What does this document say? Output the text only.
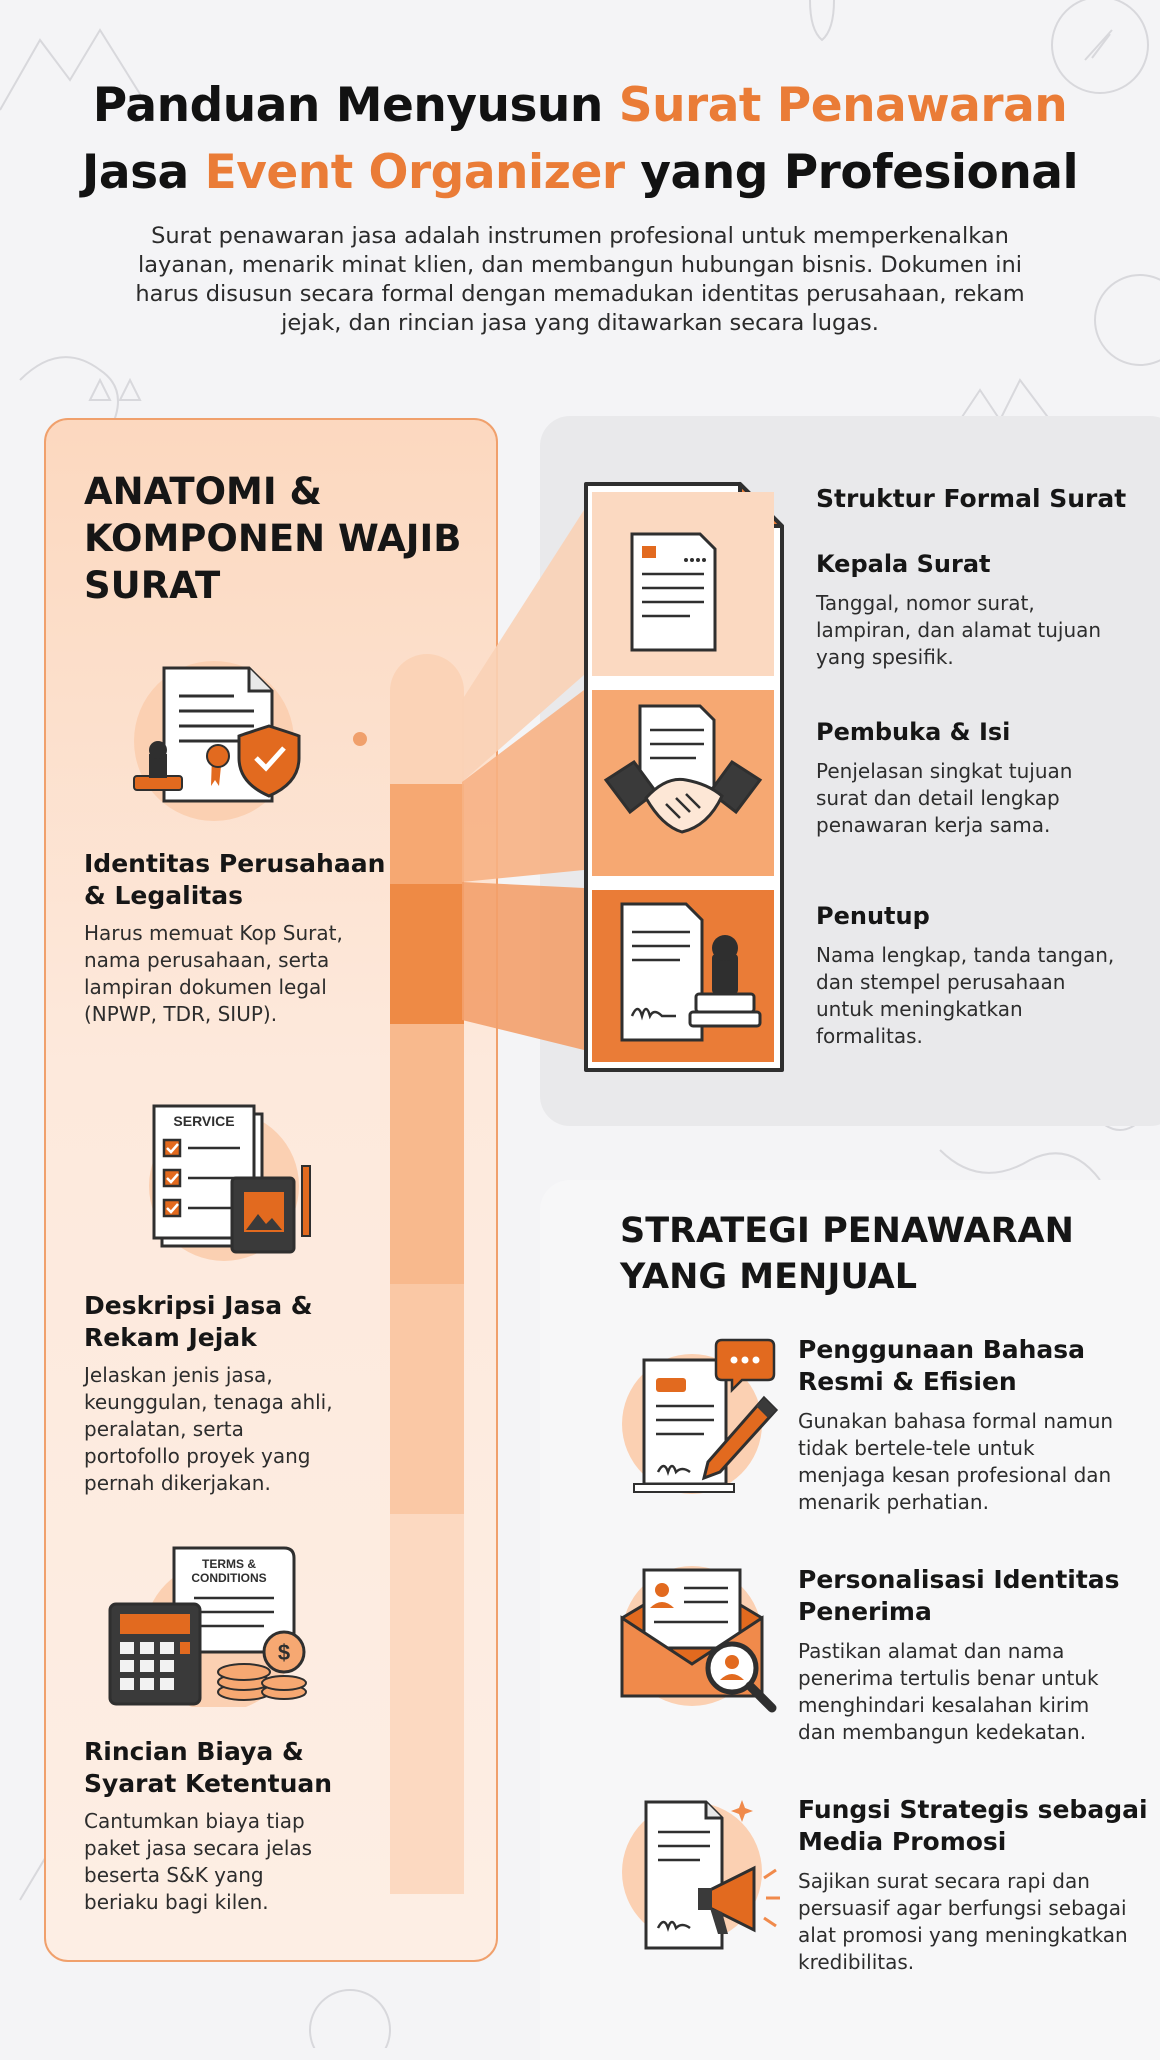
Panduan Menyusun Surat Penawaran
Jasa Event Organizer yang Profesional

Surat penawaran jasa adalah instrumen profesional untuk memperkenalkan layanan, menarik minat klien, dan membangun hubungan bisnis. Dokumen ini harus disusun secara formal dengan memadukan identitas perusahaan, rekam jejak, dan rincian jasa yang ditawarkan secara lugas.

ANATOMI & KOMPONEN WAJIB SURAT
Identitas Perusahaan & Legalitas

Harus memuat Kop Surat, nama perusahaan, serta lampiran dokumen legal (NPWP, TDR, SIUP).

SERVICE
Deskripsi Jasa & Rekam Jejak

Jelaskan jenis jasa, keunggulan, tenaga ahli, peralatan, serta portofollo proyek yang pernah dikerjakan.

TERMS &
CONDITIONS
$
Rincian Biaya & Syarat Ketentuan

Cantumkan biaya tiap paket jasa secara jelas beserta S&K yang beriaku bagi kilen.

Struktur Formal Surat
Kepala Surat

Tanggal, nomor surat, lampiran, dan alamat tujuan yang spesifik.

Pembuka & Isi

Penjelasan singkat tujuan surat dan detail lengkap penawaran kerja sama.

Penutup

Nama lengkap, tanda tangan, dan stempel perusahaan untuk meningkatkan formalitas.

STRATEGI PENAWARAN YANG MENJUAL
Penggunaan Bahasa Resmi & Efisien

Gunakan bahasa formal namun tidak bertele-tele untuk menjaga kesan profesional dan menarik perhatian.

Personalisasi Identitas Penerima

Pastikan alamat dan nama penerima tertulis benar untuk menghindari kesalahan kirim dan membangun kedekatan.

Fungsi Strategis sebagai Media Promosi

Sajikan surat secara rapi dan persuasif agar berfungsi sebagai alat promosi yang meningkatkan kredibilitas.
